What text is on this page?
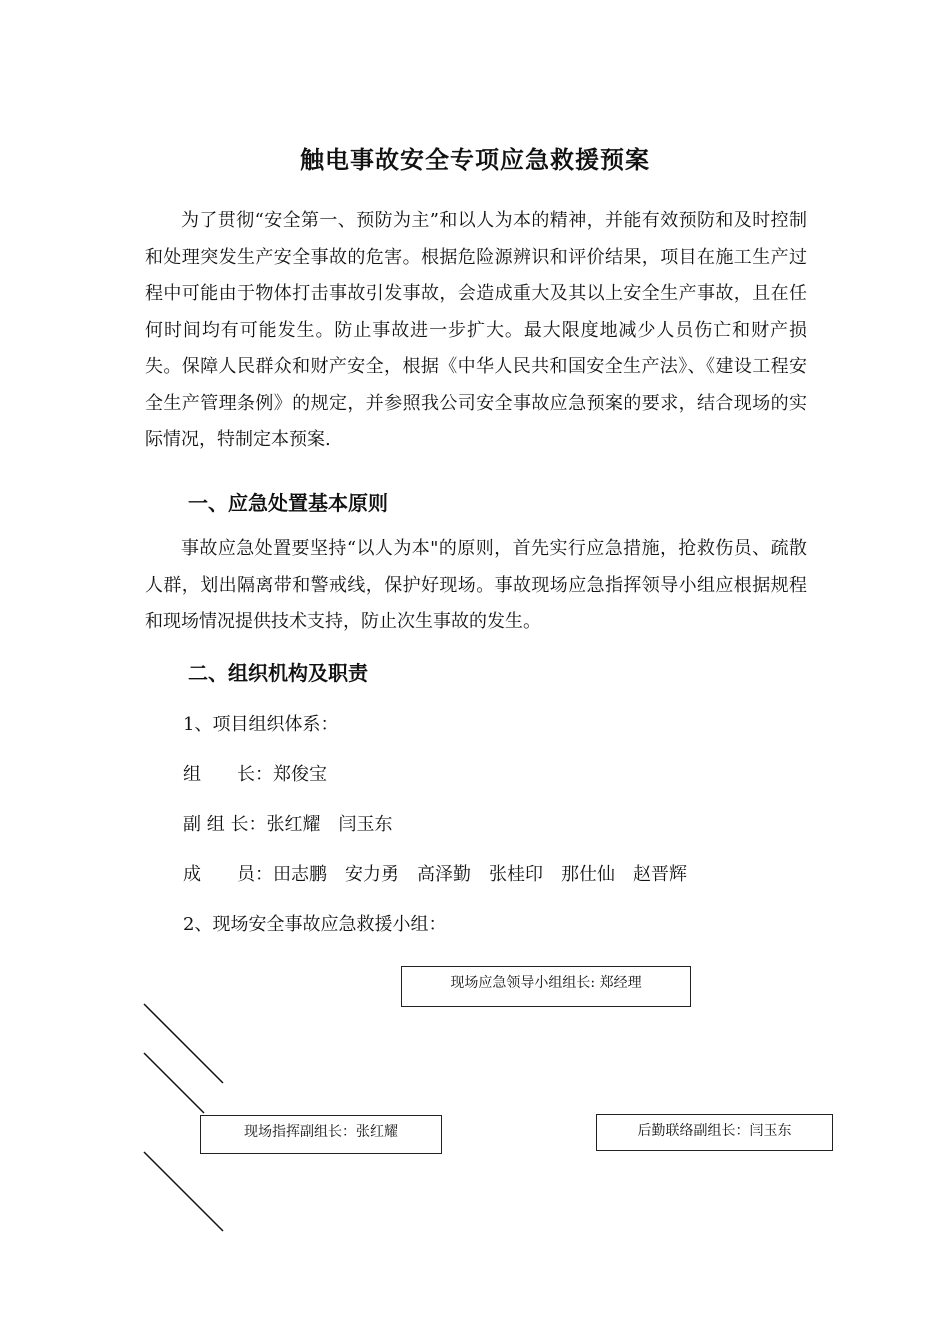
触电事故安全专项应急救援预案
为了贯彻“安全第一、预防为主”和以人为本的精神，并能有效预防和及时控制和处理突发生产安全事故的危害。根据危险源辨识和评价结果，项目在施工生产过程中可能由于物体打击事故引发事故，会造成重大及其以上安全生产事故，且在任何时间均有可能发生。防止事故进一步扩大。最大限度地减少人员伤亡和财产损失。保障人民群众和财产安全，根据《中华人民共和国安全生产法》、《建设工程安全生产管理条例》的规定，并参照我公司安全事故应急预案的要求，结合现场的实际情况，特制定本预案.
一、应急处置基本原则
事故应急处置要坚持“以人为本"的原则，首先实行应急措施，抢救伤员、疏散人群，划出隔离带和警戒线，保护好现场。事故现场应急指挥领导小组应根据规程和现场情况提供技术支持，防止次生事故的发生。
二、组织机构及职责
1、项目组织体系：
组　　长：郑俊宝
副 组 长：张红耀　闫玉东
成　　员：田志鹏　安力勇　高泽勤　张桂印　那仕仙　赵晋辉
2、现场安全事故应急救援小组：
现场应急领导小组组长: 郑经理
现场指挥副组长：张红耀	后勤联络副组长：闫玉东
